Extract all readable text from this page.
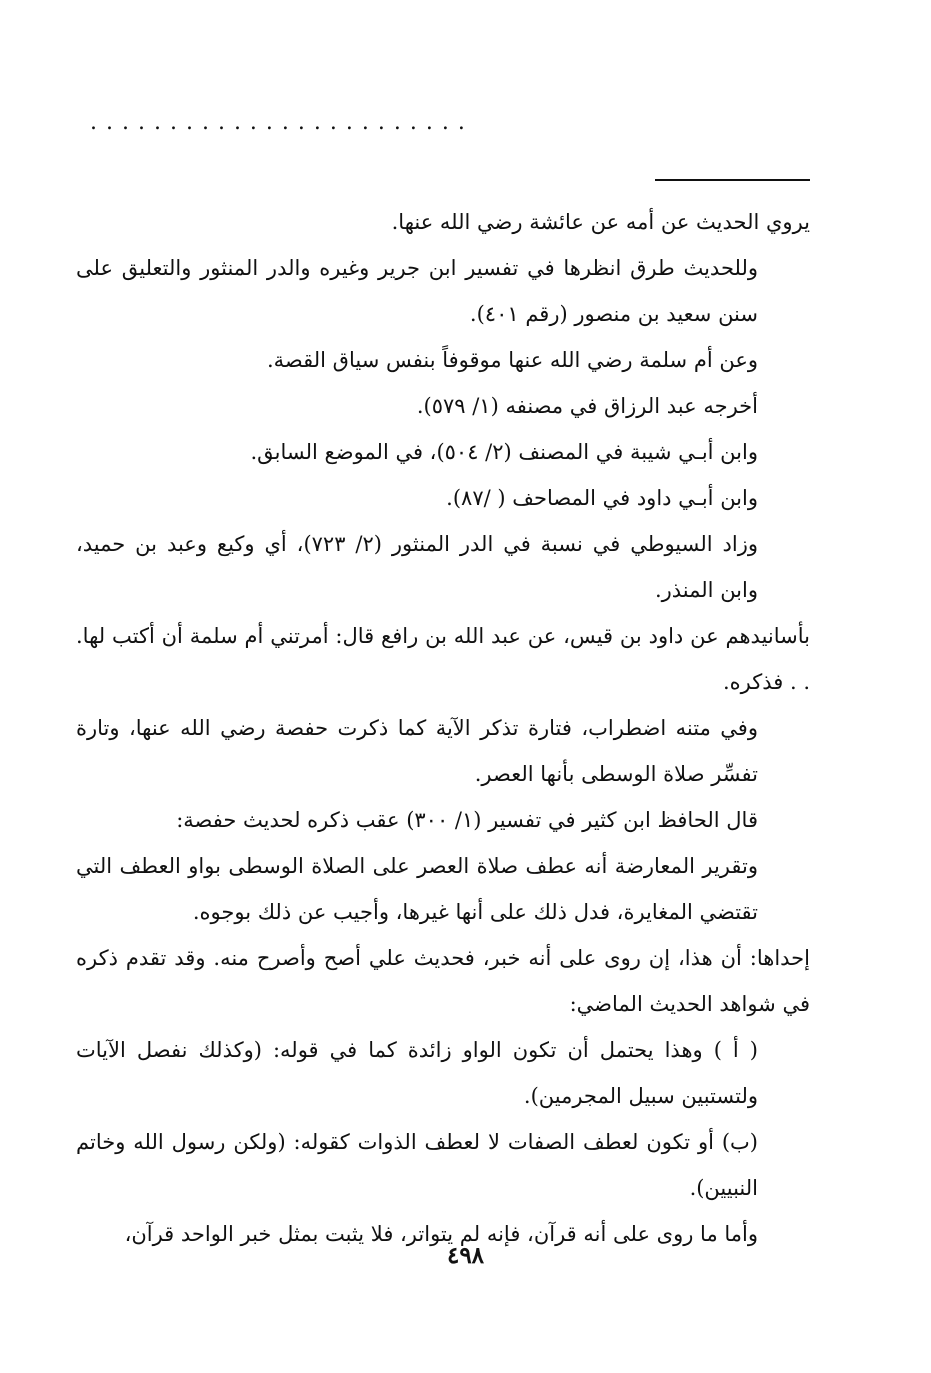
........................

يروي الحديث عن أمه عن عائشة رضي الله عنها.

وللحديث طرق انظرها في تفسير ابن جرير وغيره والدر المنثور والتعليق على سنن سعيد بن منصور (رقم ٤٠١).

وعن أم سلمة رضي الله عنها موقوفاً بنفس سياق القصة.

أخرجه عبد الرزاق في مصنفه (١/ ٥٧٩).

وابن أبـي شيبة في المصنف (٢/ ٥٠٤)، في الموضع السابق.

وابن أبـي داود في المصاحف ( /٨٧).

وزاد السيوطي في نسبة في الدر المنثور (٢/ ٧٢٣)، أي وكيع وعبد بن حميد، وابن المنذر.

بأسانيدهم عن داود بن قيس، عن عبد الله بن رافع قال: أمرتني أم سلمة أن أكتب لها. . . فذكره.

وفي متنه اضطراب، فتارة تذكر الآية كما ذكرت حفصة رضي الله عنها، وتارة تفسِّر صلاة الوسطى بأنها العصر.

قال الحافظ ابن كثير في تفسير (١/ ٣٠٠) عقب ذكره لحديث حفصة:

وتقرير المعارضة أنه عطف صلاة العصر على الصلاة الوسطى بواو العطف التي تقتضي المغايرة، فدل ذلك على أنها غيرها، وأجيب عن ذلك بوجوه.

إحداها: أن هذا، إن روى على أنه خبر، فحديث علي أصح وأصرح منه. وقد تقدم ذكره في شواهد الحديث الماضي:

( أ ) وهذا يحتمل أن تكون الواو زائدة كما في قوله: (وكذلك نفصل الآيات ولتستبين سبيل المجرمين).

(ب) أو تكون لعطف الصفات لا لعطف الذوات كقوله: (ولكن رسول الله وخاتم النبيين).

وأما ما روى على أنه قرآن، فإنه لم يتواتر، فلا يثبت بمثل خبر الواحد قرآن،

٤٩٨
